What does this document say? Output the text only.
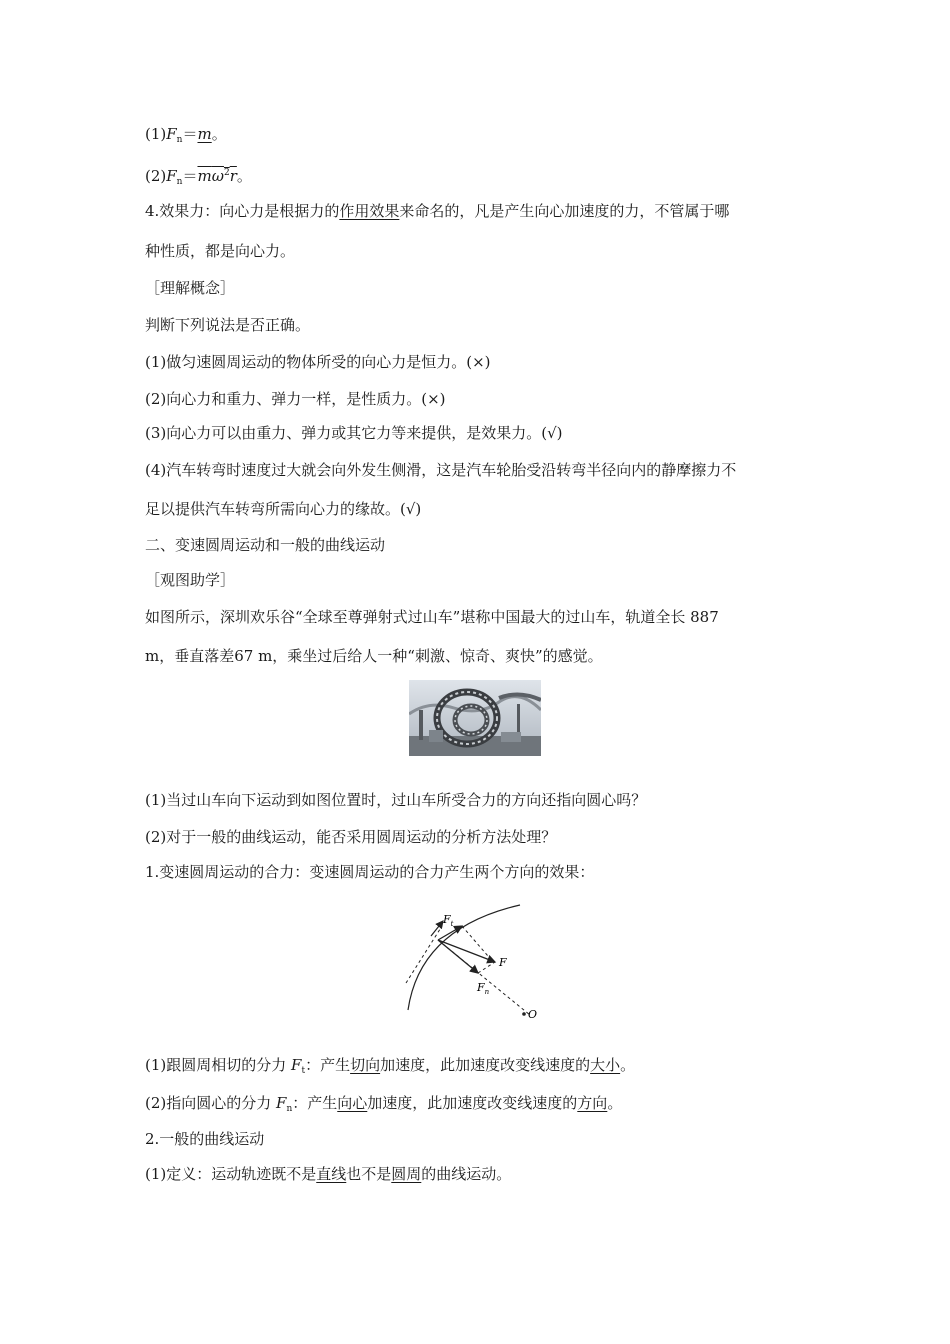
$(1)F_n=m$。
$(2)F_n=m\omega^2r$。
4.效果力：向心力是根据力的作用效果来命名的，凡是产生向心加速度的力，不管属于哪
种性质，都是向心力。
［理解概念］
判断下列说法是否正确。
(1)做匀速圆周运动的物体所受的向心力是恒力。(×)
(2)向心力和重力、弹力一样，是性质力。(×)
(3)向心力可以由重力、弹力或其它力等来提供，是效果力。(√)
(4)汽车转弯时速度过大就会向外发生侧滑，这是汽车轮胎受沿转弯半径向内的静摩擦力不
足以提供汽车转弯所需向心力的缘故。(√)
二、变速圆周运动和一般的曲线运动
［观图助学］
如图所示，深圳欢乐谷“全球至尊弹射式过山车”堪称中国最大的过山车，轨道全长 887
m，垂直落差67 m，乘坐过后给人一种“刺激、惊奇、爽快”的感觉。
(1)当过山车向下运动到如图位置时，过山车所受合力的方向还指向圆心吗？
(2)对于一般的曲线运动，能否采用圆周运动的分析方法处理？
1.变速圆周运动的合力：变速圆周运动的合力产生两个方向的效果：
$F_t$
F
$F_n$
O
(1)跟圆周相切的分力 $F_t$：产生切向加速度，此加速度改变线速度的大小。
(2)指向圆心的分力 $F_n$：产生向心加速度，此加速度改变线速度的方向。
2.一般的曲线运动
(1)定义：运动轨迹既不是直线也不是圆周的曲线运动。
